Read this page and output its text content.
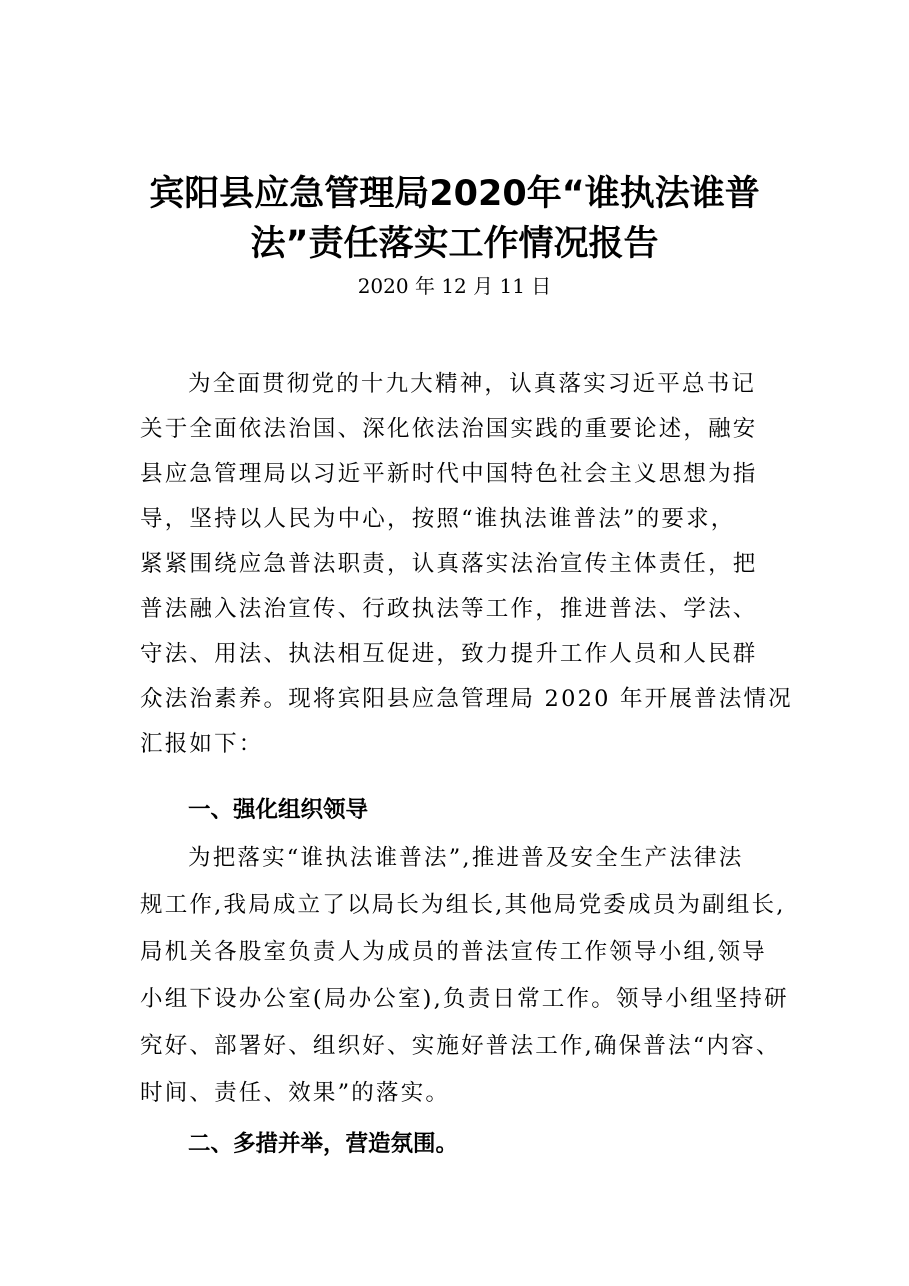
宾阳县应急管理局2020年“谁执法谁普
法”责任落实工作情况报告
2020 年 12 月 11 日
为全面贯彻党的十九大精神，认真落实习近平总书记
关于全面依法治国、深化依法治国实践的重要论述，融安
县应急管理局以习近平新时代中国特色社会主义思想为指
导，坚持以人民为中心，按照“谁执法谁普法”的要求，
紧紧围绕应急普法职责，认真落实法治宣传主体责任，把
普法融入法治宣传、行政执法等工作，推进普法、学法、
守法、用法、执法相互促进，致力提升工作人员和人民群
众法治素养。现将宾阳县应急管理局 2020 年开展普法情况
汇报如下：
一、强化组织领导
为把落实“谁执法谁普法”,推进普及安全生产法律法
规工作,我局成立了以局长为组长,其他局党委成员为副组长,
局机关各股室负责人为成员的普法宣传工作领导小组,领导
小组下设办公室(局办公室),负责日常工作。领导小组坚持研
究好、部署好、组织好、实施好普法工作,确保普法“内容、
时间、责任、效果”的落实。
二、多措并举，营造氛围。
